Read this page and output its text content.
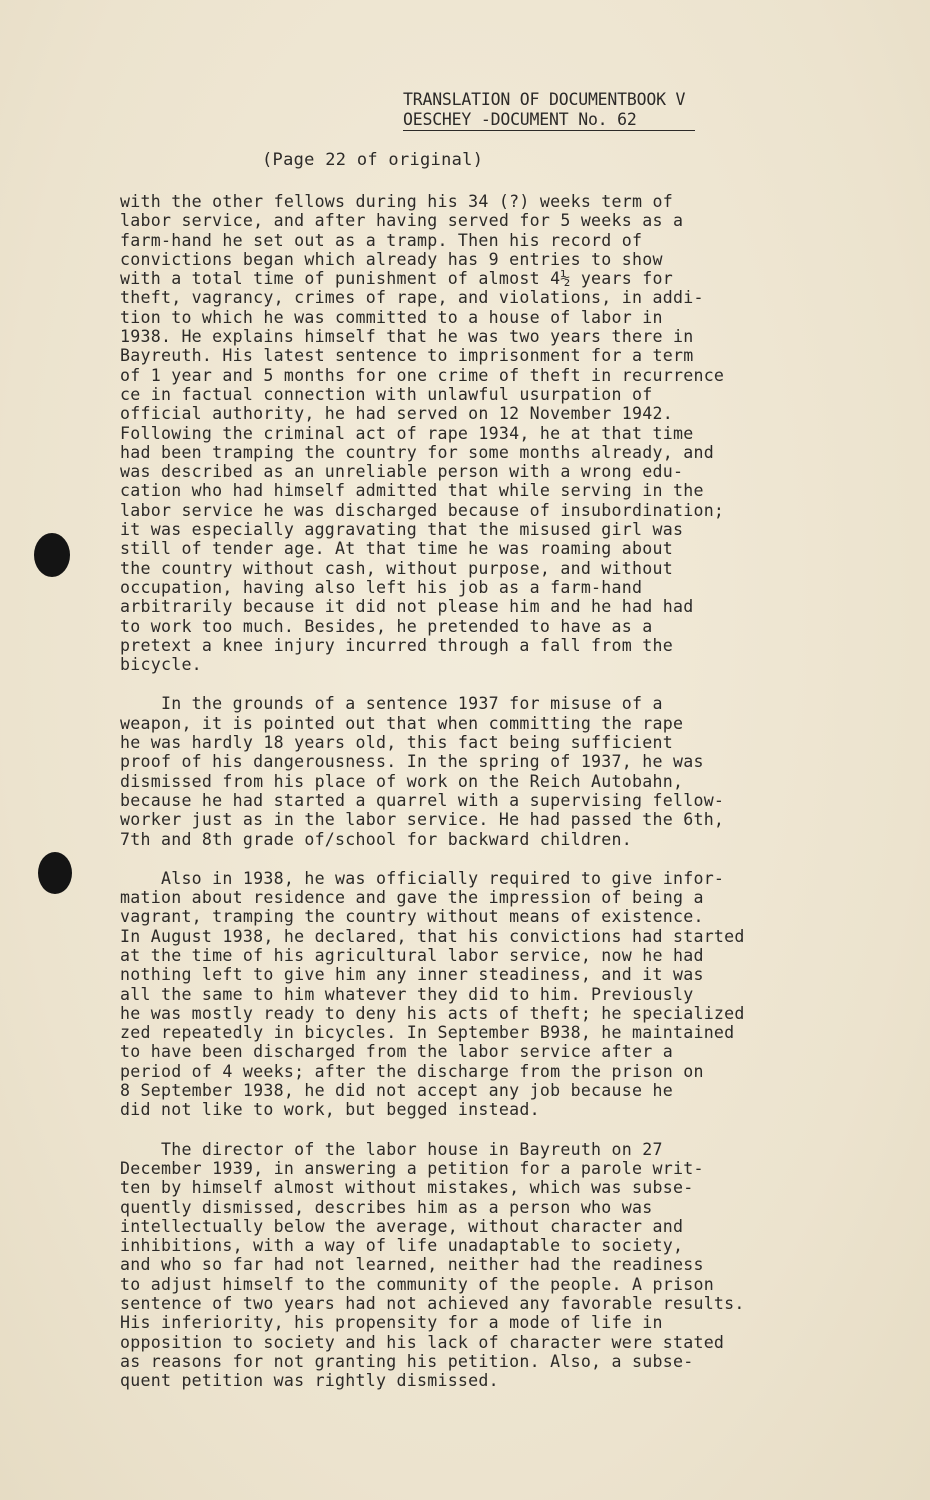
TRANSLATION OF DOCUMENTBOOK V
OESCHEY -DOCUMENT No. 62
(Page 22 of original)
with the other fellows during his 34 (?) weeks term of
labor service, and after having served for 5 weeks as a
farm-hand he set out as a tramp. Then his record of
convictions began which already has 9 entries to show
with a total time of punishment of almost 4½ years for
theft, vagrancy, crimes of rape, and violations, in addi-
tion to which he was committed to a house of labor in
1938. He explains himself that he was two years there in
Bayreuth. His latest sentence to imprisonment for a term
of 1 year and 5 months for one crime of theft in recurrence
ce in factual connection with unlawful usurpation of
official authority, he had served on 12 November 1942.
Following the criminal act of rape 1934, he at that time
had been tramping the country for some months already, and
was described as an unreliable person with a wrong edu-
cation who had himself admitted that while serving in the
labor service he was discharged because of insubordination;
it was especially aggravating that the misused girl was
still of tender age. At that time he was roaming about
the country without cash, without purpose, and without
occupation, having also left his job as a farm-hand
arbitrarily because it did not please him and he had had
to work too much. Besides, he pretended to have as a
pretext a knee injury incurred through a fall from the
bicycle.
In the grounds of a sentence 1937 for misuse of a
weapon, it is pointed out that when committing the rape
he was hardly 18 years old, this fact being sufficient
proof of his dangerousness. In the spring of 1937, he was
dismissed from his place of work on the Reich Autobahn,
because he had started a quarrel with a supervising fellow-
worker just as in the labor service. He had passed the 6th,
7th and 8th grade of/school for backward children.
Also in 1938, he was officially required to give infor-
mation about residence and gave the impression of being a
vagrant, tramping the country without means of existence.
In August 1938, he declared, that his convictions had started
at the time of his agricultural labor service, now he had
nothing left to give him any inner steadiness, and it was
all the same to him whatever they did to him. Previously
he was mostly ready to deny his acts of theft; he specialized
zed repeatedly in bicycles. In September B938, he maintained
to have been discharged from the labor service after a
period of 4 weeks; after the discharge from the prison on
8 September 1938, he did not accept any job because he
did not like to work, but begged instead.
The director of the labor house in Bayreuth on 27
December 1939, in answering a petition for a parole writ-
ten by himself almost without mistakes, which was subse-
quently dismissed, describes him as a person who was
intellectually below the average, without character and
inhibitions, with a way of life unadaptable to society,
and who so far had not learned, neither had the readiness
to adjust himself to the community of the people. A prison
sentence of two years had not achieved any favorable results.
His inferiority, his propensity for a mode of life in
opposition to society and his lack of character were stated
as reasons for not granting his petition. Also, a subse-
quent petition was rightly dismissed.
